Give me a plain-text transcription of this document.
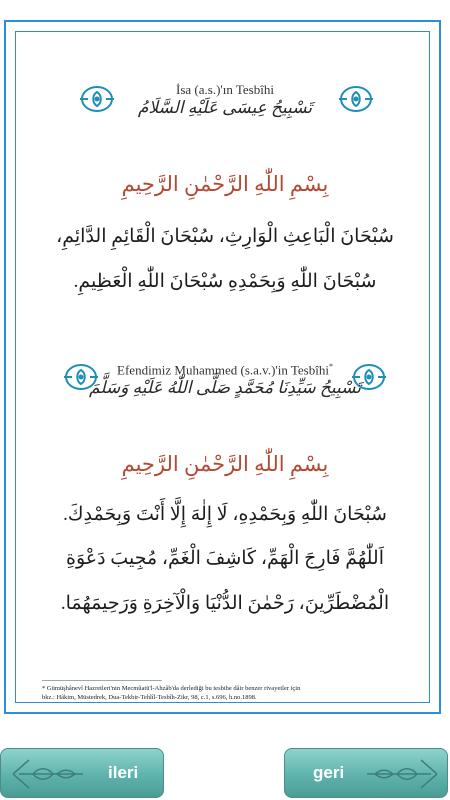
İsa (a.s.)'ın Tesbîhi
تَسْبِيحُ عِيسَى عَلَيْهِ السَّلَامُ
بِسْمِ اللّٰهِ الرَّحْمٰنِ الرَّحِيمِ
سُبْحَانَ الْبَاعِثِ الْوَارِثِ، سُبْحَانَ الْقَائِمِ الدَّائِمِ،
سُبْحَانَ اللّٰهِ وَبِحَمْدِهِ سُبْحَانَ اللّٰهِ الْعَظِيمِ.
Efendimiz Muhammed (s.a.v.)'in Tesbîhi*
تَسْبِيحُ سَيِّدِنَا مُحَمَّدٍ صَلَّى اللّٰهُ عَلَيْهِ وَسَلَّمَ
بِسْمِ اللّٰهِ الرَّحْمٰنِ الرَّحِيمِ
سُبْحَانَ اللّٰهِ وَبِحَمْدِهِ، لَا إِلٰهَ إِلَّا أَنْتَ وَبِحَمْدِكَ.
اَللّٰهُمَّ فَارِجَ الْهَمِّ، كَاشِفَ الْغَمِّ، مُجِيبَ دَعْوَةِ
الْمُضْطَرِّينَ، رَحْمٰنَ الدُّنْيَا وَالْآخِرَةِ وَرَحِيمَهُمَا.
* Gümüşhânevî Hazretleri'nin Mecmûatü'l-Ahzâb'da derlediği bu tesbihe dâir benzer rivayetler için
bkz.: Hâkim, Müstedrek, Dua-Tekbir-Tehlîl-Tesbîh-Zikr, 98, c.1, s.696, h.no.1898.
ileri	geri
